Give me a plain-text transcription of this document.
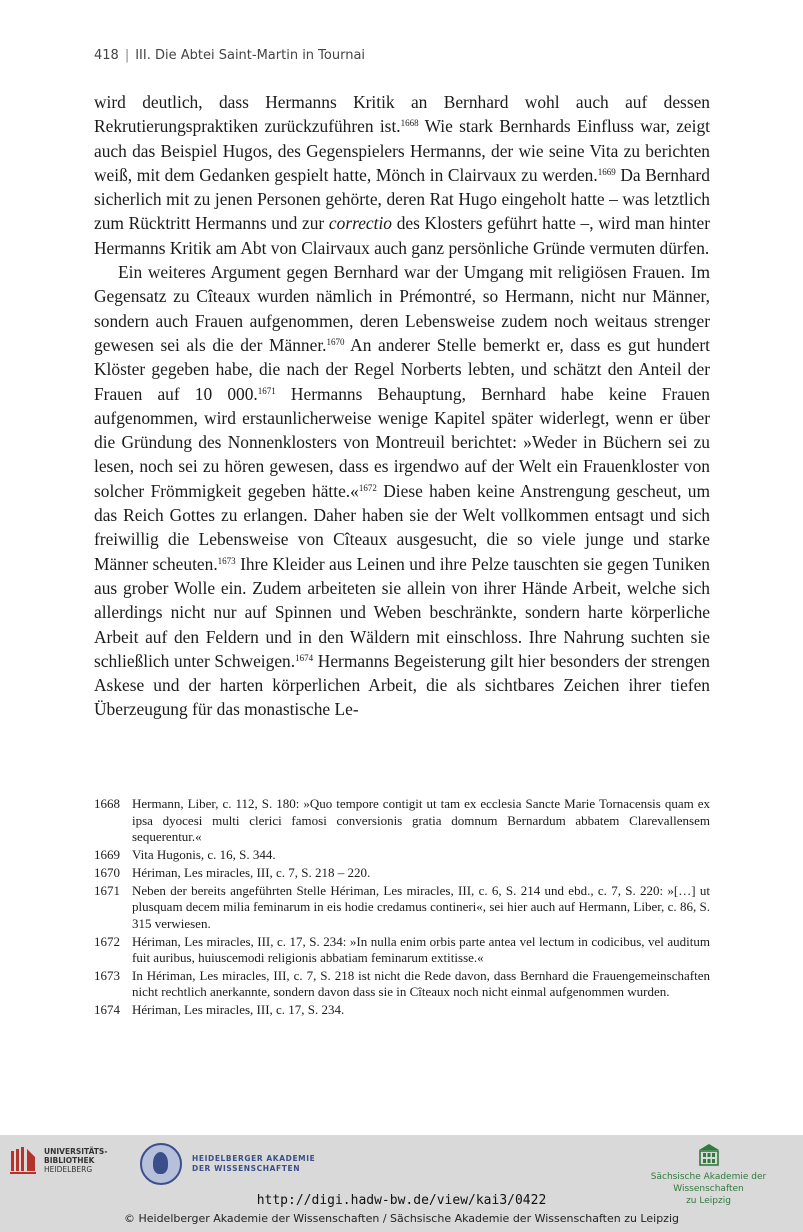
418 | III. Die Abtei Saint-Martin in Tournai

wird deutlich, dass Hermanns Kritik an Bernhard wohl auch auf dessen Rekrutierungspraktiken zurückzuführen ist.$^{1668}$ Wie stark Bernhards Einfluss war, zeigt auch das Beispiel Hugos, des Gegenspielers Hermanns, der wie seine Vita zu berichten weiß, mit dem Gedanken gespielt hatte, Mönch in Clairvaux zu werden.$^{1669}$ Da Bernhard sicherlich mit zu jenen Personen gehörte, deren Rat Hugo eingeholt hatte – was letztlich zum Rücktritt Hermanns und zur correctio des Klosters geführt hatte –, wird man hinter Hermanns Kritik am Abt von Clairvaux auch ganz persönliche Gründe vermuten dürfen.

Ein weiteres Argument gegen Bernhard war der Umgang mit religiösen Frauen. Im Gegensatz zu Cîteaux wurden nämlich in Prémontré, so Hermann, nicht nur Männer, sondern auch Frauen aufgenommen, deren Lebensweise zudem noch weitaus strenger gewesen sei als die der Männer.$^{1670}$ An anderer Stelle bemerkt er, dass es gut hundert Klöster gegeben habe, die nach der Regel Norberts lebten, und schätzt den Anteil der Frauen auf 10 000.$^{1671}$ Hermanns Behauptung, Bernhard habe keine Frauen aufgenommen, wird erstaunlicherweise wenige Kapitel später widerlegt, wenn er über die Gründung des Nonnenklosters von Montreuil berichtet: »Weder in Büchern sei zu lesen, noch sei zu hören gewesen, dass es irgendwo auf der Welt ein Frauenkloster von solcher Frömmigkeit gegeben hätte.«$^{1672}$ Diese haben keine Anstrengung gescheut, um das Reich Gottes zu erlangen. Daher haben sie der Welt vollkommen entsagt und sich freiwillig die Lebensweise von Cîteaux ausgesucht, die so viele junge und starke Männer scheuten.$^{1673}$ Ihre Kleider aus Leinen und ihre Pelze tauschten sie gegen Tuniken aus grober Wolle ein. Zudem arbeiteten sie allein von ihrer Hände Arbeit, welche sich allerdings nicht nur auf Spinnen und Weben beschränkte, sondern harte körperliche Arbeit auf den Feldern und in den Wäldern mit einschloss. Ihre Nahrung suchten sie schließlich unter Schweigen.$^{1674}$ Hermanns Begeisterung gilt hier besonders der strengen Askese und der harten körperlichen Arbeit, die als sichtbares Zeichen ihrer tiefen Überzeugung für das monastische Le-

1668 Hermann, Liber, c. 112, S. 180: »Quo tempore contigit ut tam ex ecclesia Sancte Marie Tornacensis quam ex ipsa dyocesi multi clerici famosi conversionis gratia domnum Bernardum abbatem Clarevallensem sequerentur.«
1669 Vita Hugonis, c. 16, S. 344.
1670 Hériman, Les miracles, III, c. 7, S. 218 – 220.
1671 Neben der bereits angeführten Stelle Hériman, Les miracles, III, c. 6, S. 214 und ebd., c. 7, S. 220: »[…] ut plusquam decem milia feminarum in eis hodie credamus contineri«, sei hier auch auf Hermann, Liber, c. 86, S. 315 verwiesen.
1672 Hériman, Les miracles, III, c. 17, S. 234: »In nulla enim orbis parte antea vel lectum in codicibus, vel auditum fuit auribus, huiuscemodi religionis abbatiam feminarum extitisse.«
1673 In Hériman, Les miracles, III, c. 7, S. 218 ist nicht die Rede davon, dass Bernhard die Frauengemeinschaften nicht rechtlich anerkannte, sondern davon dass sie in Cîteaux noch nicht einmal aufgenommen wurden.
1674 Hériman, Les miracles, III, c. 17, S. 234.
UNIVERSITÄTS-
BIBLIOTHEK
HEIDELBERG
HEIDELBERGER AKADEMIE
DER WISSENSCHAFTEN
Sächsische Akademie der Wissenschaften
zu Leipzig
http://digi.hadw-bw.de/view/kai3/0422
© Heidelberger Akademie der Wissenschaften / Sächsische Akademie der Wissenschaften zu Leipzig
